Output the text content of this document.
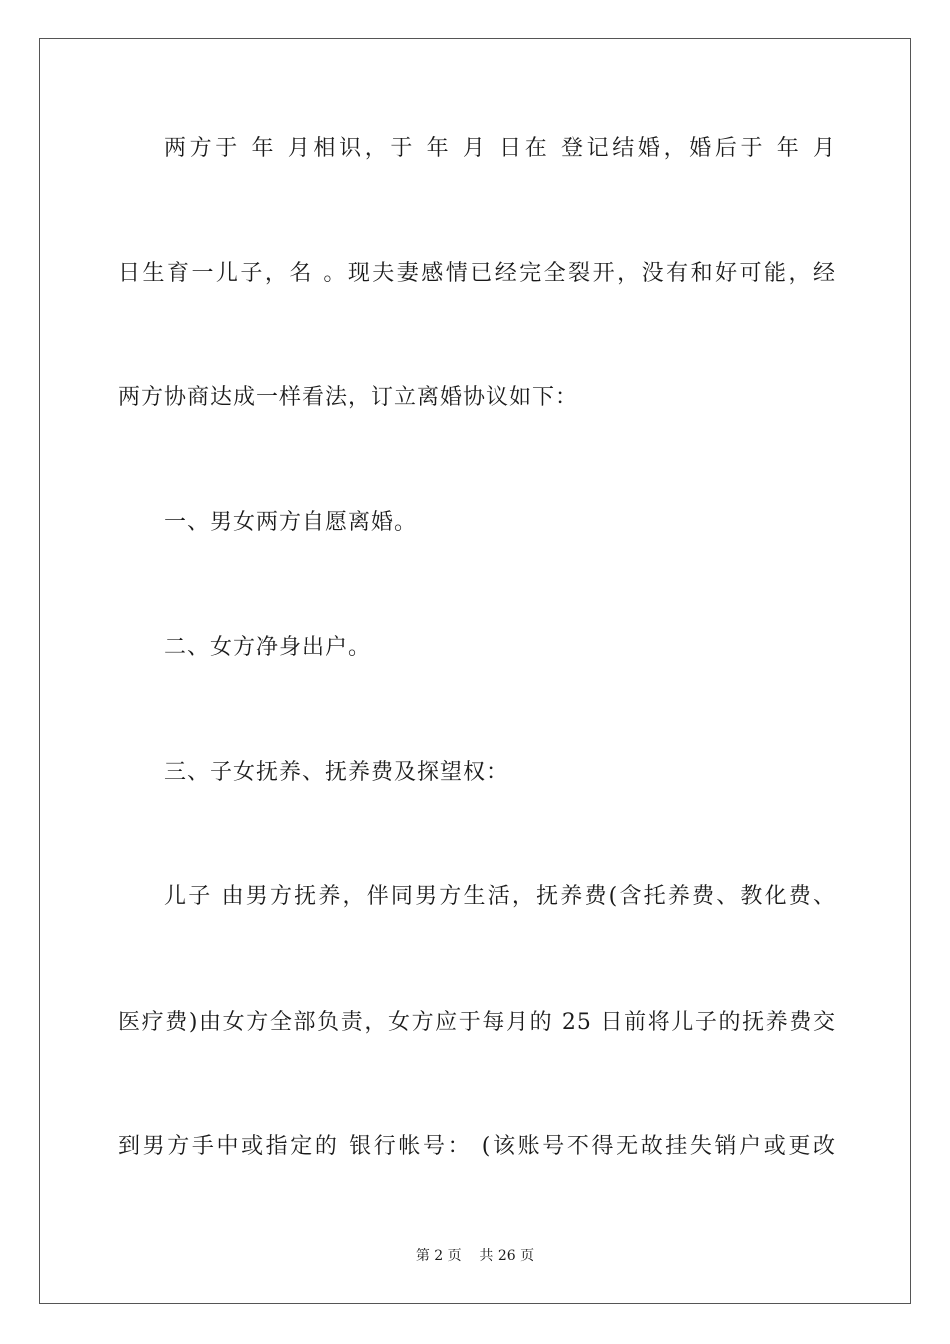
两方于 年 月相识，于 年 月 日在 登记结婚，婚后于 年 月
日生育一儿子，名 。现夫妻感情已经完全裂开，没有和好可能，经
两方协商达成一样看法，订立离婚协议如下：
一、男女两方自愿离婚。
二、女方净身出户。
三、子女抚养、抚养费及探望权：
儿子 由男方抚养，伴同男方生活，抚养费(含托养费、教化费、
医疗费)由女方全部负责，女方应于每月的 25 日前将儿子的抚养费交
到男方手中或指定的 银行帐号： (该账号不得无故挂失销户或更改
第 2 页    共 26 页
